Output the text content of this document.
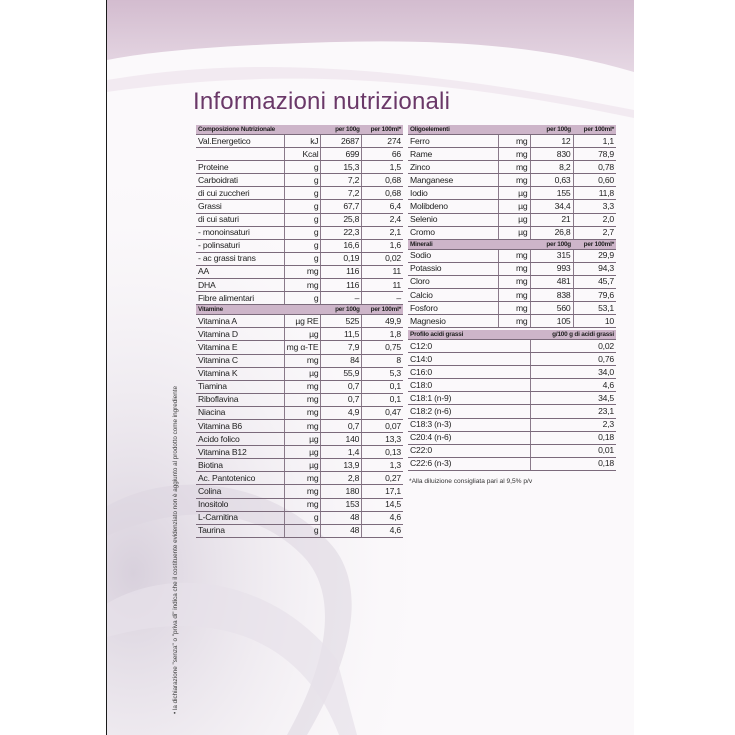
Informazioni nutrizionali
Composizione Nutrizionale		per 100g	per 100ml*
Val.Energetico	kJ	2687	274
	Kcal	699	66
Proteine	g	15,3	1,5
Carboidrati	g	7,2	0,68
di cui zuccheri	g	7,2	0,68
Grassi	g	67,7	6,4
di cui saturi	g	25,8	2,4
- monoinsaturi	g	22,3	2,1
- polinsaturi	g	16,6	1,6
- ac grassi trans	g	0,19	0,02
AA	mg	116	11
DHA	mg	116	11
Fibre alimentari	g	–	–
Vitamine		per 100g	per 100ml*
Vitamina A	µg RE	525	49,9
Vitamina D	µg	11,5	1,8
Vitamina E	mg α-TE	7,9	0,75
Vitamina C	mg	84	8
Vitamina K	µg	55,9	5,3
Tiamina	mg	0,7	0,1
Riboflavina	mg	0,7	0,1
Niacina	mg	4,9	0,47
Vitamina B6	mg	0,7	0,07
Acido folico	µg	140	13,3
Vitamina B12	µg	1,4	0,13
Biotina	µg	13,9	1,3
Ac. Pantotenico	mg	2,8	0,27
Colina	mg	180	17,1
Inositolo	mg	153	14,5
L-Carnitina	g	48	4,6
Taurina	g	48	4,6
Oligoelementi		per 100g	per 100ml*
Ferro	mg	12	1,1
Rame	mg	830	78,9
Zinco	mg	8,2	0,78
Manganese	mg	0,63	0,60
Iodio	µg	155	11,8
Molibdeno	µg	34,4	3,3
Selenio	µg	21	2,0
Cromo	µg	26,8	2,7
Minerali		per 100g	per 100ml*
Sodio	mg	315	29,9
Potassio	mg	993	94,3
Cloro	mg	481	45,7
Calcio	mg	838	79,6
Fosforo	mg	560	53,1
Magnesio	mg	105	10
Profilo acidi grassi	g/100 g di acidi grassi
C12:0	0,02
C14:0	0,76
C16:0	34,0
C18:0	4,6
C18:1 (n-9)	34,5
C18:2 (n-6)	23,1
C18:3 (n-3)	2,3
C20:4 (n-6)	0,18
C22:0	0,01
C22:6 (n-3)	0,18
*Alla diluizione consigliata pari al 9,5% p/v
• la dichiarazione "senza" o "priva di" indica che il costituente evidenziato non è aggiunto al prodotto come ingrediente
